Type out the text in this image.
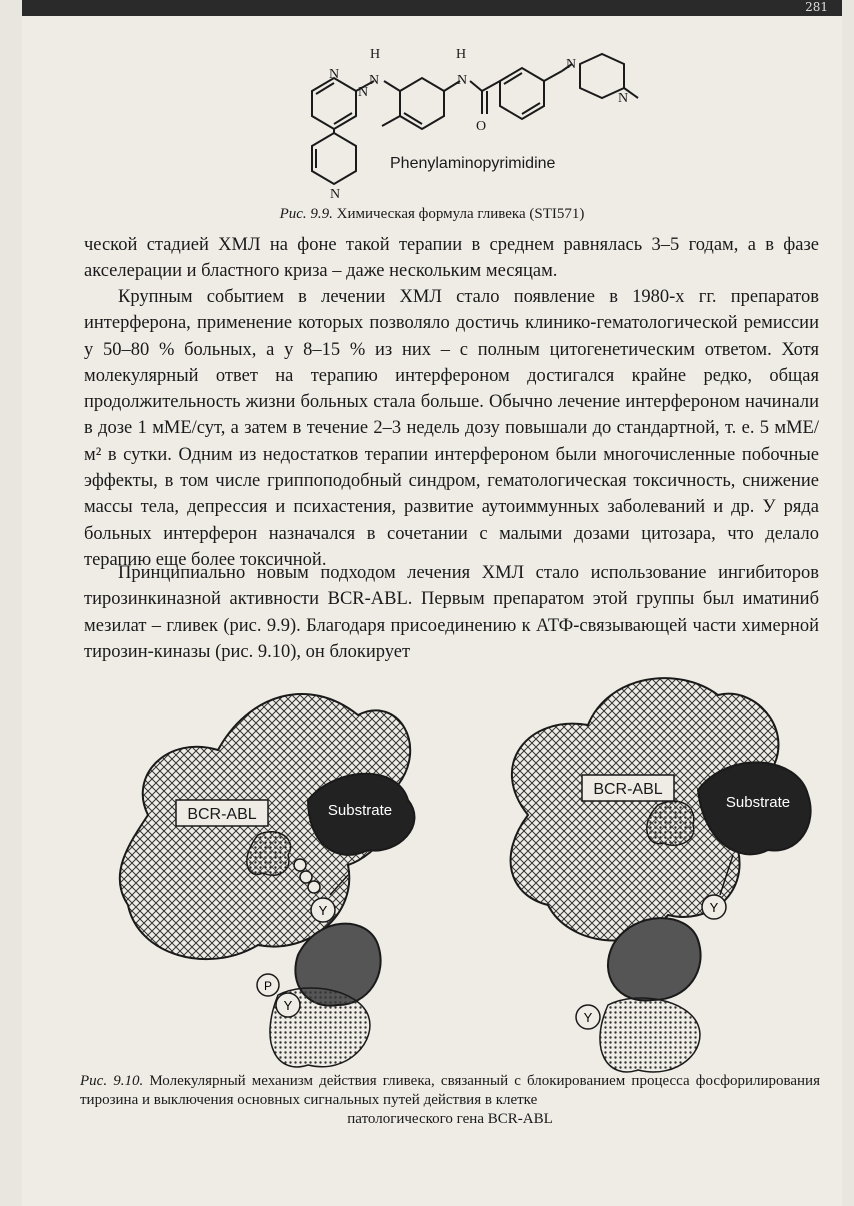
281
H
N
H
N
O
N
N
N
N
N
Phenylaminopyrimidine
Рис. 9.9. Химическая формула гливека (STI571)

ческой стадией ХМЛ на фоне такой терапии в среднем равнялась 3–5 годам, а в фазе акселерации и бластного криза – даже нескольким месяцам.

Крупным событием в лечении ХМЛ стало появление в 1980-х гг. препаратов интерферона, применение которых позволяло достичь клинико-гематологической ремиссии у 50–80 % больных, а у 8–15 % из них – с полным цитогенетическим ответом. Хотя молекулярный ответ на терапию интерфероном достигался крайне редко, общая продолжительность жизни больных стала больше. Обычно лечение интерфероном начинали в дозе 1 мМЕ/сут, а затем в течение 2–3 недель дозу повышали до стандартной, т. е. 5 мМЕ/м² в сутки. Одним из недостатков терапии интерфероном были многочисленные побочные эффекты, в том числе гриппоподобный синдром, гематологическая токсичность, снижение массы тела, депрессия и психастения, развитие аутоиммунных заболеваний и др. У ряда больных интерферон назначался в сочетании с малыми дозами цитозара, что делало терапию еще более токсичной.

Принципиально новым подходом лечения ХМЛ стало использование ингибиторов тирозинкиназной активности BCR-ABL. Первым препаратом этой группы был иматиниб мезилат – гливек (рис. 9.9). Благодаря присоединению к АТФ-связывающей части химерной тирозин-киназы (рис. 9.10), он блокирует

BCR-ABL	Substrate
Y
P
Y
BCR-ABL
Substrate
Y
Y
Рис. 9.10. Молекулярный механизм действия гливека, связанный с блокированием процесса фосфорилирования тирозина и выключения основных сигнальных путей действия в клетке
патологического гена BCR-ABL
